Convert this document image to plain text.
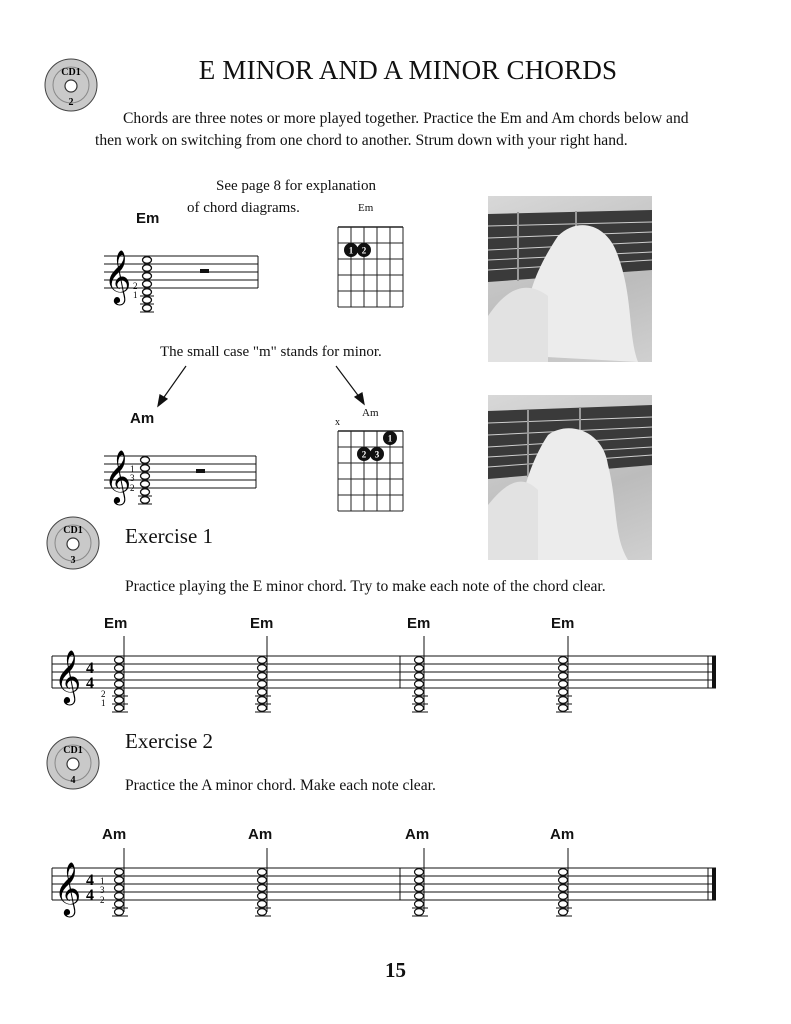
E MINOR AND A MINOR CHORDS
CD1
2
Chords are three notes or more played together. Practice the Em and Am chords below and then work on switching from one chord to another. Strum down with your right hand.
See page 8 for explanation
of chord diagrams.
Em
𝄞 2
1
Em
1 2
The small case "m" stands for minor.
Am
𝄞
1
3
2
Am
x
1
2 3
CD1
3
Exercise 1
Practice playing the E minor chord. Try to make each note of the chord clear.
Em	Em	Em	Em
𝄞 4
4
2
1
CD1
4
Exercise 2
Practice the A minor chord. Make each note clear.
Am	Am	Am	Am
𝄞 4
4
1
3
2
15
